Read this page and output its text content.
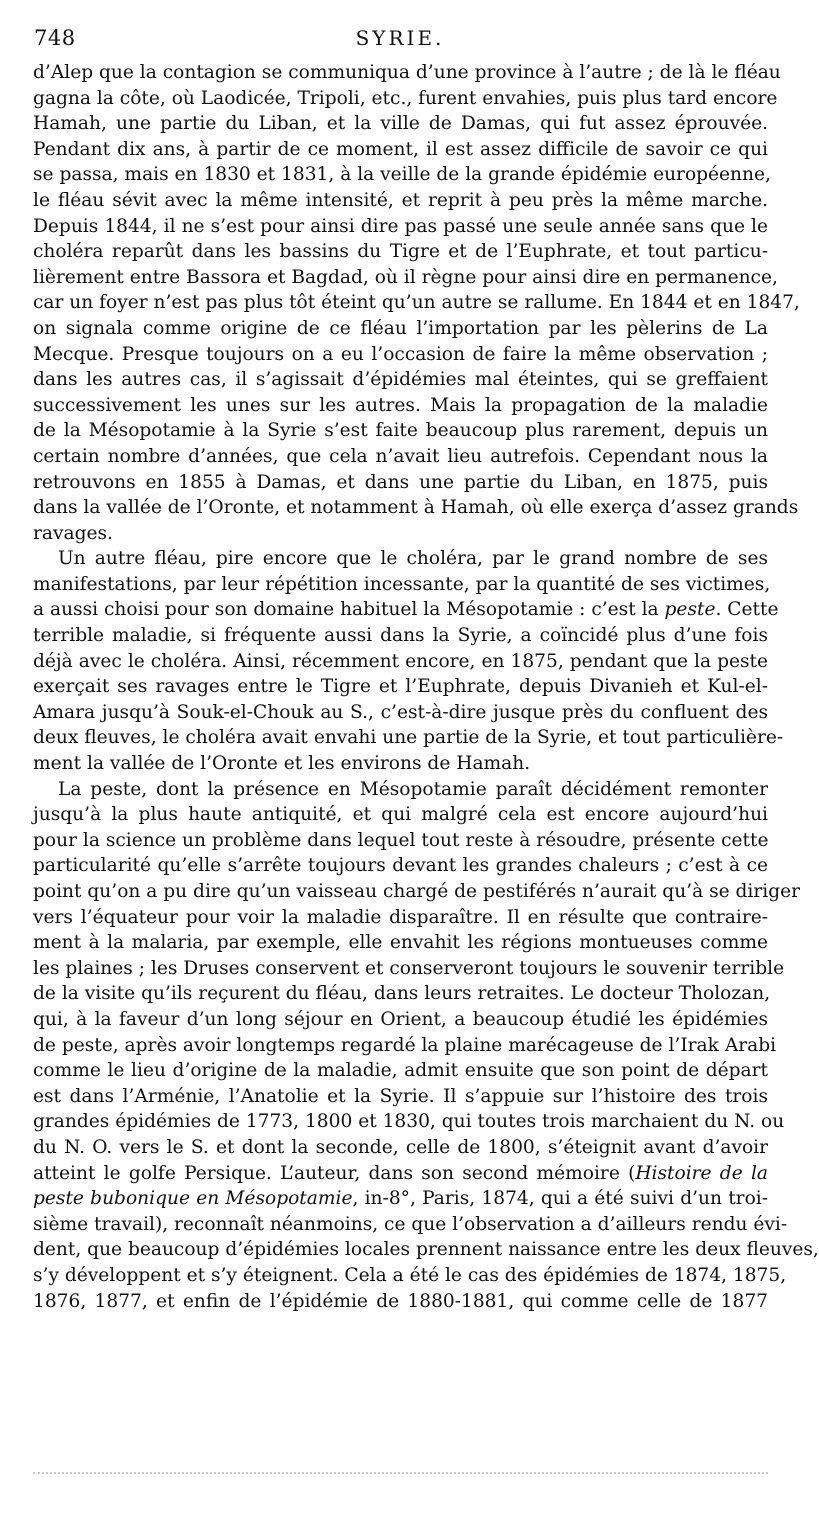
748	SYRIE.

d’Alep que la contagion se communiqua d’une province à l’autre ; de là le fléau
gagna la côte, où Laodicée, Tripoli, etc., furent envahies, puis plus tard encore
Hamah, une partie du Liban, et la ville de Damas, qui fut assez éprouvée.
Pendant dix ans, à partir de ce moment, il est assez difficile de savoir ce qui
se passa, mais en 1830 et 1831, à la veille de la grande épidémie européenne,
le fléau sévit avec la même intensité, et reprit à peu près la même marche.
Depuis 1844, il ne s’est pour ainsi dire pas passé une seule année sans que le
choléra reparût dans les bassins du Tigre et de l’Euphrate, et tout particu-
lièrement entre Bassora et Bagdad, où il règne pour ainsi dire en permanence,
car un foyer n’est pas plus tôt éteint qu’un autre se rallume. En 1844 et en 1847,
on signala comme origine de ce fléau l’importation par les pèlerins de La
Mecque. Presque toujours on a eu l’occasion de faire la même observation ;
dans les autres cas, il s’agissait d’épidémies mal éteintes, qui se greffaient
successivement les unes sur les autres. Mais la propagation de la maladie
de la Mésopotamie à la Syrie s’est faite beaucoup plus rarement, depuis un
certain nombre d’années, que cela n’avait lieu autrefois. Cependant nous la
retrouvons en 1855 à Damas, et dans une partie du Liban, en 1875, puis
dans la vallée de l’Oronte, et notamment à Hamah, où elle exerça d’assez grands
ravages.

Un autre fléau, pire encore que le choléra, par le grand nombre de ses
manifestations, par leur répétition incessante, par la quantité de ses victimes,
a aussi choisi pour son domaine habituel la Mésopotamie : c’est la peste. Cette
terrible maladie, si fréquente aussi dans la Syrie, a coïncidé plus d’une fois
déjà avec le choléra. Ainsi, récemment encore, en 1875, pendant que la peste
exerçait ses ravages entre le Tigre et l’Euphrate, depuis Divanieh et Kul-el-
Amara jusqu’à Souk-el-Chouk au S., c’est-à-dire jusque près du confluent des
deux fleuves, le choléra avait envahi une partie de la Syrie, et tout particulière-
ment la vallée de l’Oronte et les environs de Hamah.

La peste, dont la présence en Mésopotamie paraît décidément remonter
jusqu’à la plus haute antiquité, et qui malgré cela est encore aujourd’hui
pour la science un problème dans lequel tout reste à résoudre, présente cette
particularité qu’elle s’arrête toujours devant les grandes chaleurs ; c’est à ce
point qu’on a pu dire qu’un vaisseau chargé de pestiférés n’aurait qu’à se diriger
vers l’équateur pour voir la maladie disparaître. Il en résulte que contraire-
ment à la malaria, par exemple, elle envahit les régions montueuses comme
les plaines ; les Druses conservent et conserveront toujours le souvenir terrible
de la visite qu’ils reçurent du fléau, dans leurs retraites. Le docteur Tholozan,
qui, à la faveur d’un long séjour en Orient, a beaucoup étudié les épidémies
de peste, après avoir longtemps regardé la plaine marécageuse de l’Irak Arabi
comme le lieu d’origine de la maladie, admit ensuite que son point de départ
est dans l’Arménie, l’Anatolie et la Syrie. Il s’appuie sur l’histoire des trois
grandes épidémies de 1773, 1800 et 1830, qui toutes trois marchaient du N. ou
du N. O. vers le S. et dont la seconde, celle de 1800, s’éteignit avant d’avoir
atteint le golfe Persique. L’auteur, dans son second mémoire (Histoire de la
peste bubonique en Mésopotamie, in-8°, Paris, 1874, qui a été suivi d’un troi-
sième travail), reconnaît néanmoins, ce que l’observation a d’ailleurs rendu évi-
dent, que beaucoup d’épidémies locales prennent naissance entre les deux fleuves,
s’y développent et s’y éteignent. Cela a été le cas des épidémies de 1874, 1875,
1876, 1877, et enfin de l’épidémie de 1880-1881, qui comme celle de 1877
